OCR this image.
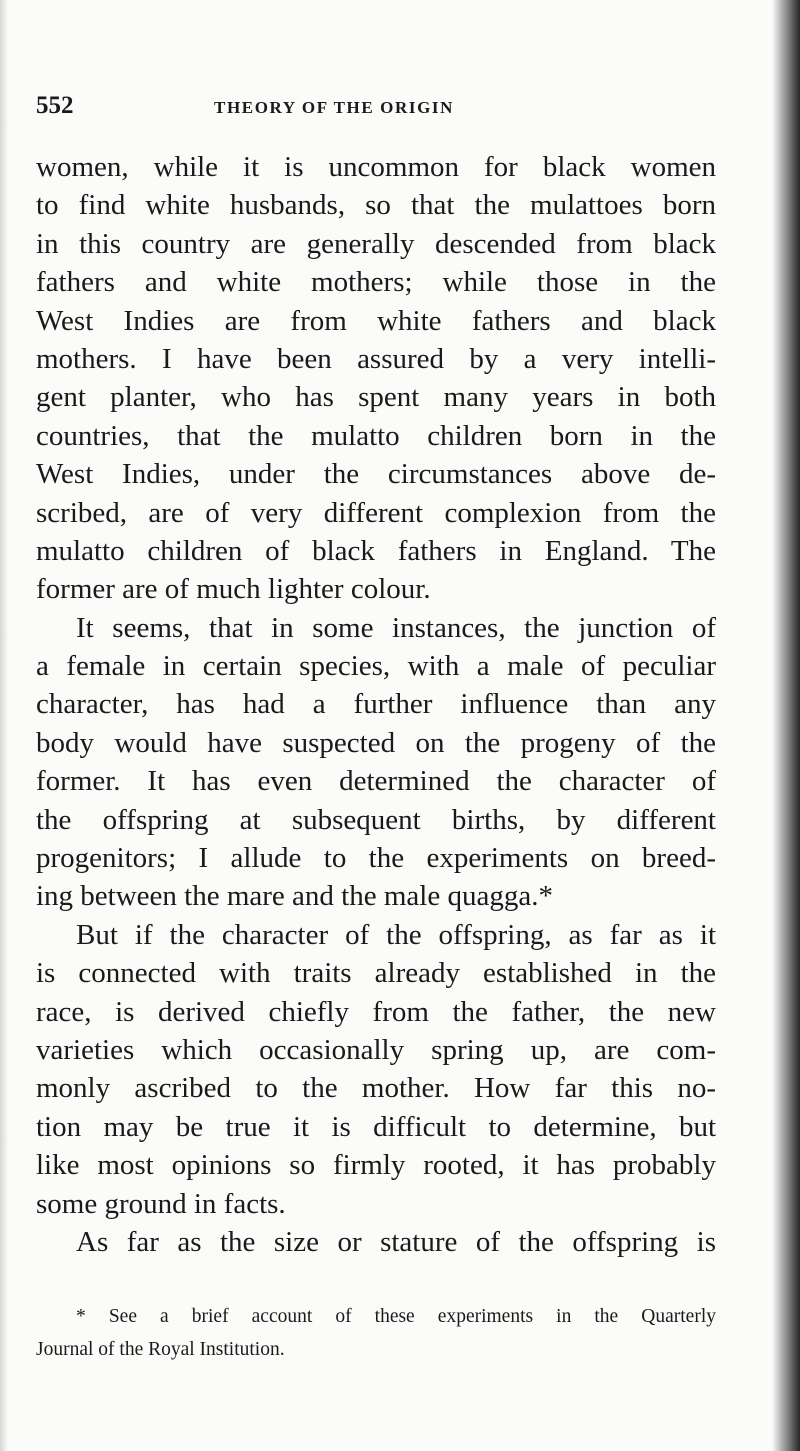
552	THEORY OF THE ORIGIN
women, while it is uncommon for black women
to find white husbands, so that the mulattoes born
in this country are generally descended from black
fathers and white mothers; while those in the
West Indies are from white fathers and black
mothers. I have been assured by a very intelli-
gent planter, who has spent many years in both
countries, that the mulatto children born in the
West Indies, under the circumstances above de-
scribed, are of very different complexion from the
mulatto children of black fathers in England. The
former are of much lighter colour.
It seems, that in some instances, the junction of
a female in certain species, with a male of peculiar
character, has had a further influence than any
body would have suspected on the progeny of the
former. It has even determined the character of
the offspring at subsequent births, by different
progenitors; I allude to the experiments on breed-
ing between the mare and the male quagga.*
But if the character of the offspring, as far as it
is connected with traits already established in the
race, is derived chiefly from the father, the new
varieties which occasionally spring up, are com-
monly ascribed to the mother. How far this no-
tion may be true it is difficult to determine, but
like most opinions so firmly rooted, it has probably
some ground in facts.
As far as the size or stature of the offspring is
* See a brief account of these experiments in the Quarterly
Journal of the Royal Institution.
